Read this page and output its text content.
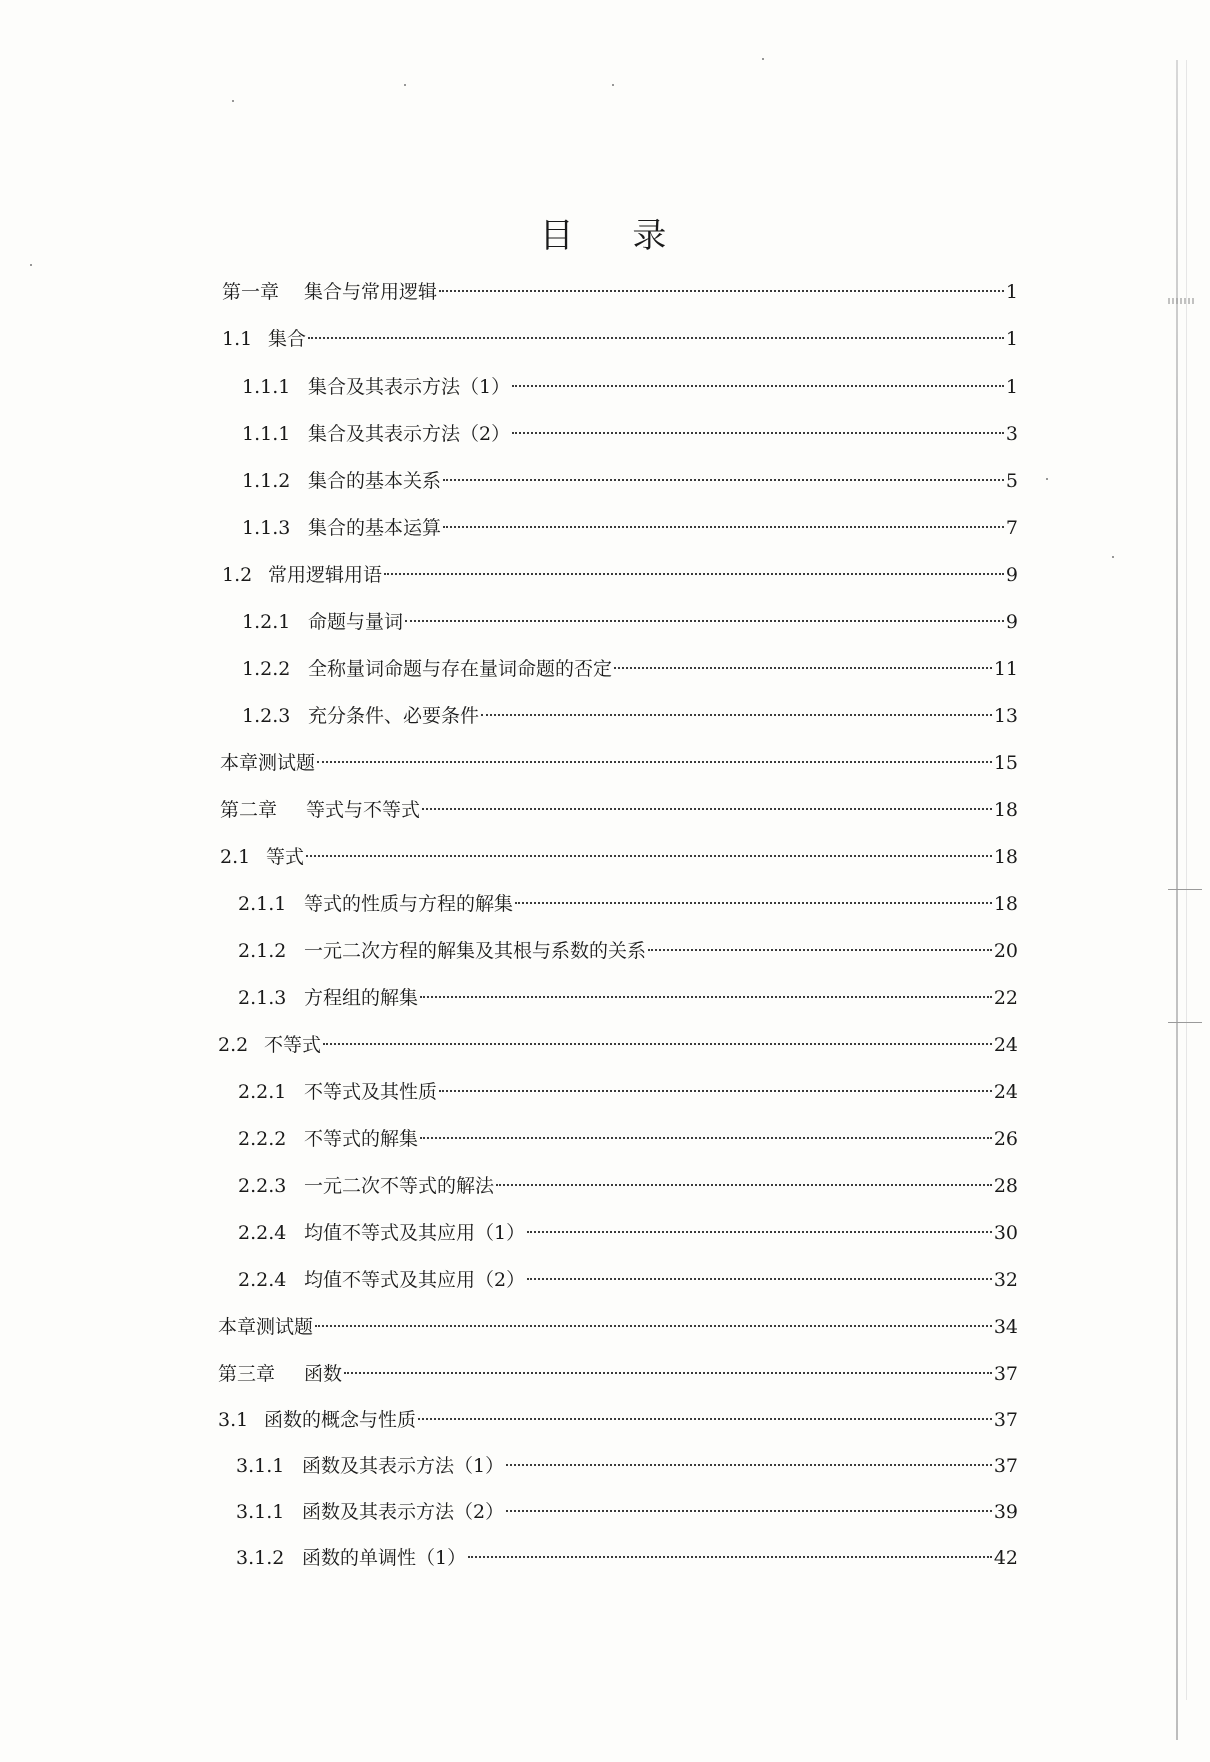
目 录
第一章	集合与常用逻辑	1
1.1 集合	1
1.1.1 集合及其表示方法（1）	1
1.1.1 集合及其表示方法（2）	3
1.1.2 集合的基本关系	5
1.1.3 集合的基本运算	7
1.2 常用逻辑用语	9
1.2.1 命题与量词	9
1.2.2 全称量词命题与存在量词命题的否定	11
1.2.3 充分条件、必要条件	13
本章测试题	15
第二章	等式与不等式	18
2.1 等式	18
2.1.1 等式的性质与方程的解集	18
2.1.2 一元二次方程的解集及其根与系数的关系	20
2.1.3 方程组的解集	22
2.2 不等式	24
2.2.1 不等式及其性质	24
2.2.2 不等式的解集	26
2.2.3 一元二次不等式的解法	28
2.2.4 均值不等式及其应用（1）	30
2.2.4 均值不等式及其应用（2）	32
本章测试题	34
第三章	函数	37
3.1 函数的概念与性质	37
3.1.1 函数及其表示方法（1）	37
3.1.1 函数及其表示方法（2）	39
3.1.2 函数的单调性（1）	42
